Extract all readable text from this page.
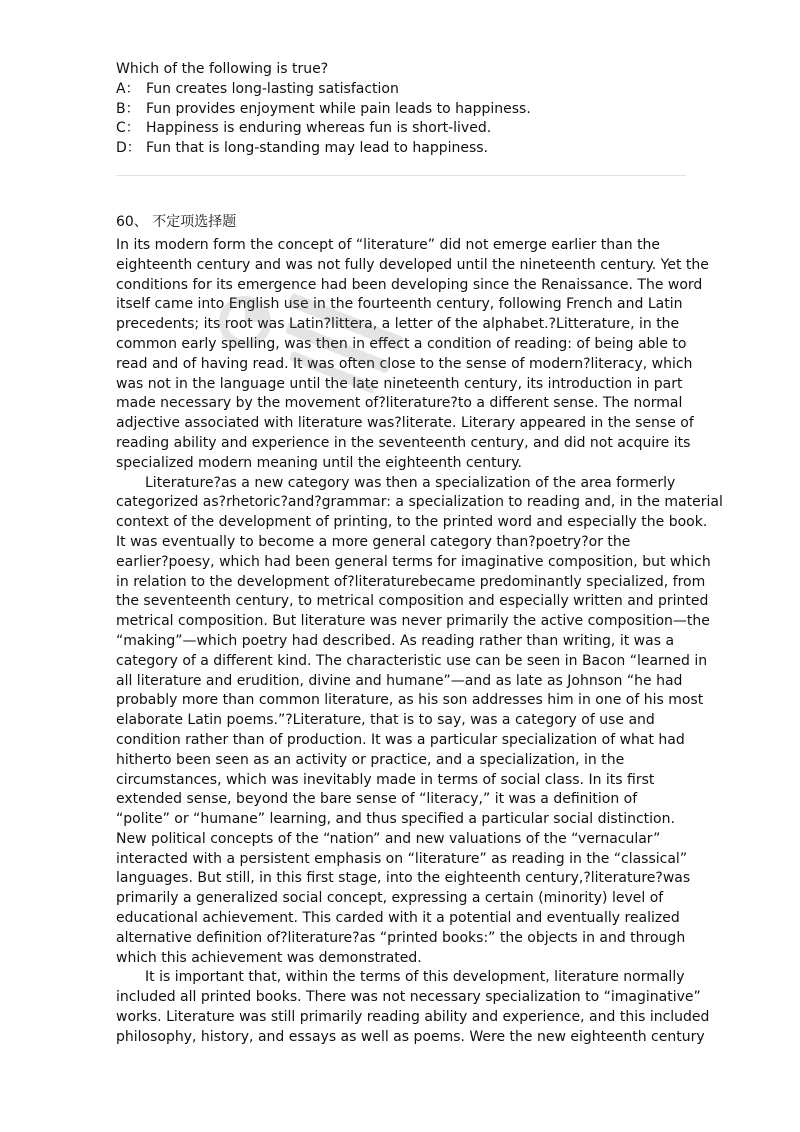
Which of the following is true?
A： Fun creates long-lasting satisfaction
B： Fun provides enjoyment while pain leads to happiness.
C： Happiness is enduring whereas fun is short-lived.
D： Fun that is long-standing may lead to happiness.
60、 不定项选择题
In its modern form the concept of “literature” did not emerge earlier than the
eighteenth century and was not fully developed until the nineteenth century. Yet the
conditions for its emergence had been developing since the Renaissance. The word
itself came into English use in the fourteenth century, following French and Latin
precedents; its root was Latin?littera, a letter of the alphabet.?Litterature, in the
common early spelling, was then in effect a condition of reading: of being able to
read and of having read. It was often close to the sense of modern?literacy, which
was not in the language until the late nineteenth century, its introduction in part
made necessary by the movement of?literature?to a different sense. The normal
adjective associated with literature was?literate. Literary appeared in the sense of
reading ability and experience in the seventeenth century, and did not acquire its
specialized modern meaning until the eighteenth century.
Literature?as a new category was then a specialization of the area formerly
categorized as?rhetoric?and?grammar: a specialization to reading and, in the material
context of the development of printing, to the printed word and especially the book.
It was eventually to become a more general category than?poetry?or the
earlier?poesy, which had been general terms for imaginative composition, but which
in relation to the development of?literaturebecame predominantly specialized, from
the seventeenth century, to metrical composition and especially written and printed
metrical composition. But literature was never primarily the active composition—the
“making”—which poetry had described. As reading rather than writing, it was a
category of a different kind. The characteristic use can be seen in Bacon “learned in
all literature and erudition, divine and humane”—and as late as Johnson “he had
probably more than common literature, as his son addresses him in one of his most
elaborate Latin poems.”?Literature, that is to say, was a category of use and
condition rather than of production. It was a particular specialization of what had
hitherto been seen as an activity or practice, and a specialization, in the
circumstances, which was inevitably made in terms of social class. In its first
extended sense, beyond the bare sense of “literacy,” it was a definition of
“polite” or “humane” learning, and thus specified a particular social distinction.
New political concepts of the “nation” and new valuations of the “vernacular”
interacted with a persistent emphasis on “literature” as reading in the “classical”
languages. But still, in this first stage, into the eighteenth century,?literature?was
primarily a generalized social concept, expressing a certain (minority) level of
educational achievement. This carded with it a potential and eventually realized
alternative definition of?literature?as “printed books:” the objects in and through
which this achievement was demonstrated.
It is important that, within the terms of this development, literature normally
included all printed books. There was not necessary specialization to “imaginative”
works. Literature was still primarily reading ability and experience, and this included
philosophy, history, and essays as well as poems. Were the new eighteenth century
